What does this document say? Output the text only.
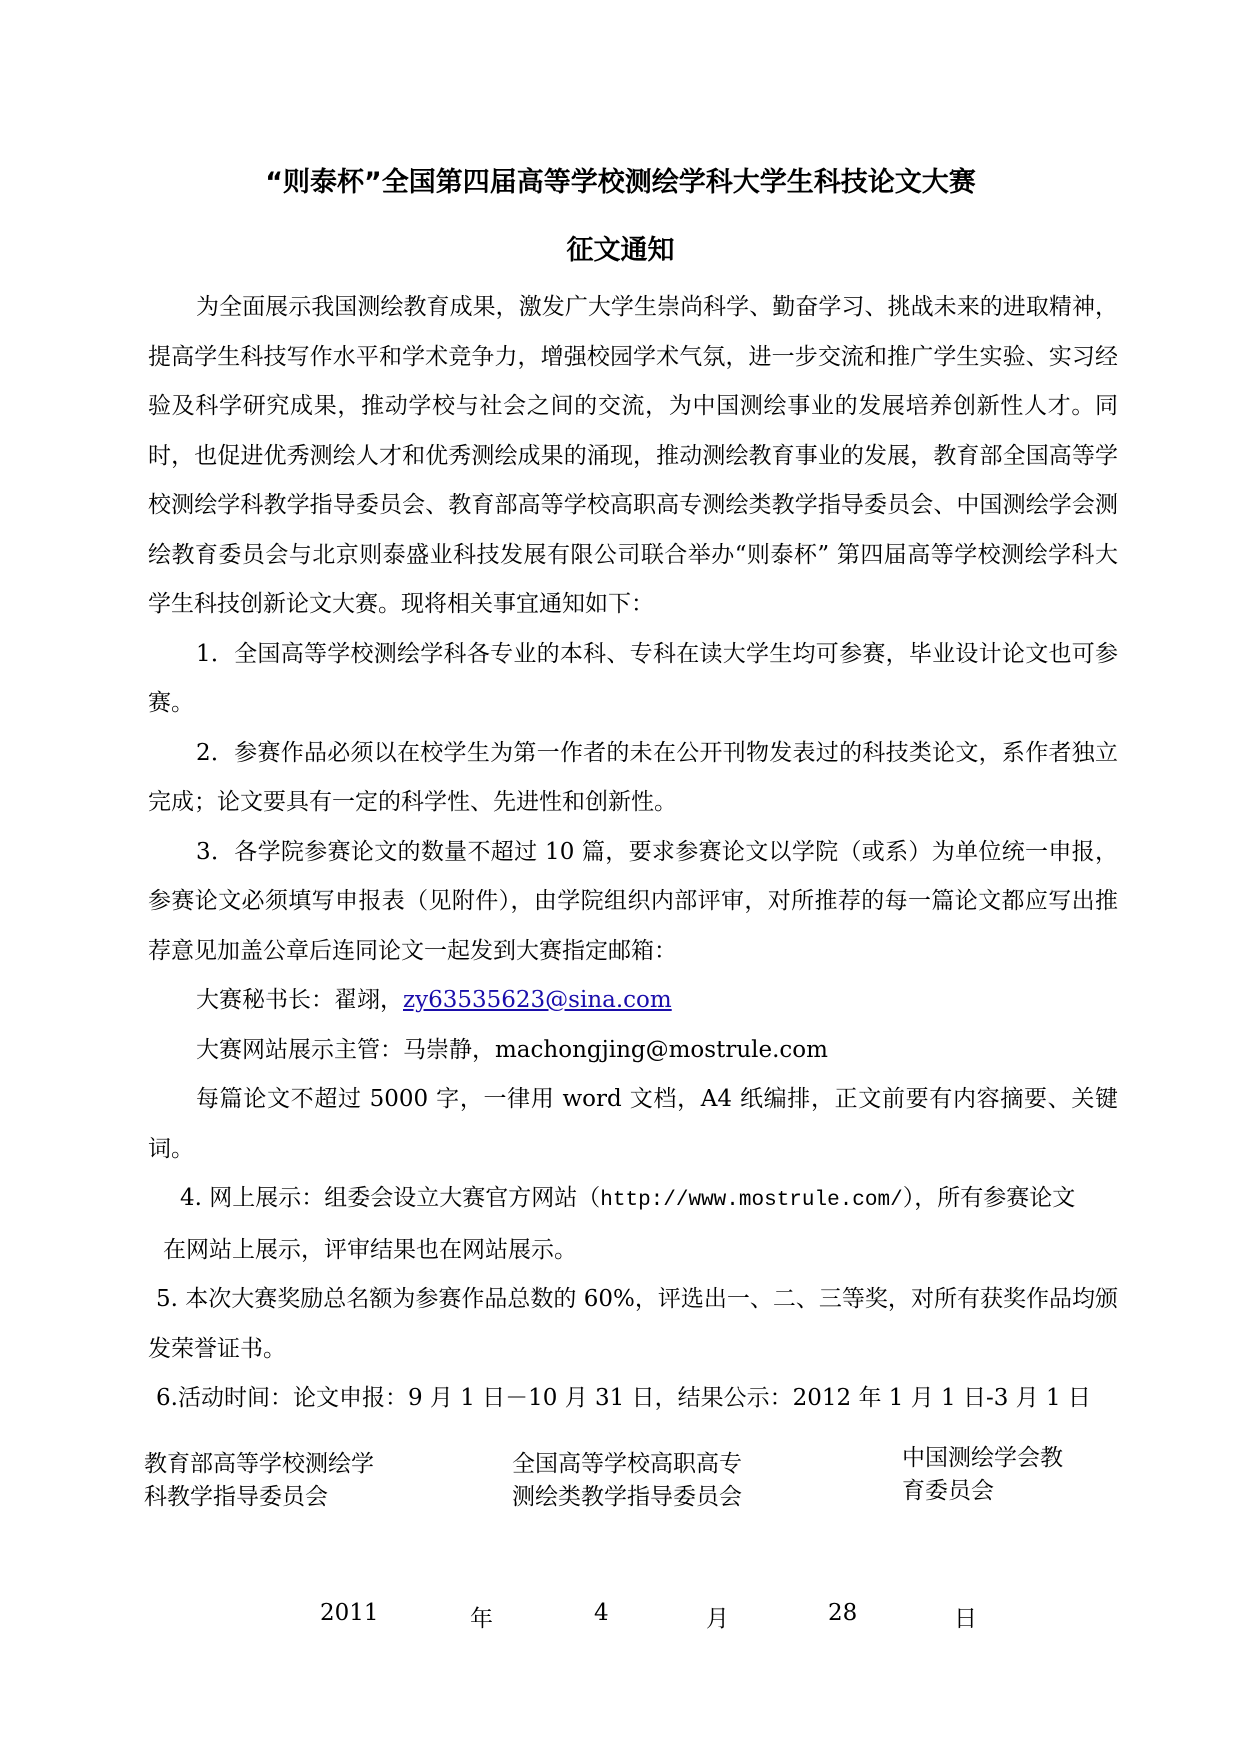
“则泰杯”全国第四届高等学校测绘学科大学生科技论文大赛
征文通知

为全面展示我国测绘教育成果，激发广大学生崇尚科学、勤奋学习、挑战未来的进取精神，提高学生科技写作水平和学术竞争力，增强校园学术气氛，进一步交流和推广学生实验、实习经验及科学研究成果，推动学校与社会之间的交流，为中国测绘事业的发展培养创新性人才。同时，也促进优秀测绘人才和优秀测绘成果的涌现，推动测绘教育事业的发展，教育部全国高等学校测绘学科教学指导委员会、教育部高等学校高职高专测绘类教学指导委员会、中国测绘学会测绘教育委员会与北京则泰盛业科技发展有限公司联合举办“则泰杯” 第四届高等学校测绘学科大学生科技创新论文大赛。现将相关事宜通知如下：

1．全国高等学校测绘学科各专业的本科、专科在读大学生均可参赛，毕业设计论文也可参赛。

2．参赛作品必须以在校学生为第一作者的未在公开刊物发表过的科技类论文，系作者独立完成；论文要具有一定的科学性、先进性和创新性。

3．各学院参赛论文的数量不超过 10 篇，要求参赛论文以学院（或系）为单位统一申报， 参赛论文必须填写申报表（见附件），由学院组织内部评审，对所推荐的每一篇论文都应写出推荐意见加盖公章后连同论文一起发到大赛指定邮箱：

大赛秘书长：翟翊，zy63535623@sina.com

大赛网站展示主管：马崇静，machongjing@mostrule.com

每篇论文不超过 5000 字，一律用 word 文档，A4 纸编排，正文前要有内容摘要、关键词。

4. 网上展示：组委会设立大赛官方网站（http://www.mostrule.com/），所有参赛论文

在网站上展示，评审结果也在网站展示。

5. 本次大赛奖励总名额为参赛作品总数的 60%，评选出一、二、三等奖，对所有获奖作品均颁发荣誉证书。

6.活动时间：论文申报：9 月 1 日－10 月 31 日，结果公示：2012 年 1 月 1 日-3 月 1 日

教育部高等学校测绘学
科教学指导委员会
全国高等学校高职高专
测绘类教学指导委员会
中国测绘学会教
育委员会
2011	年	4	月	28	日
